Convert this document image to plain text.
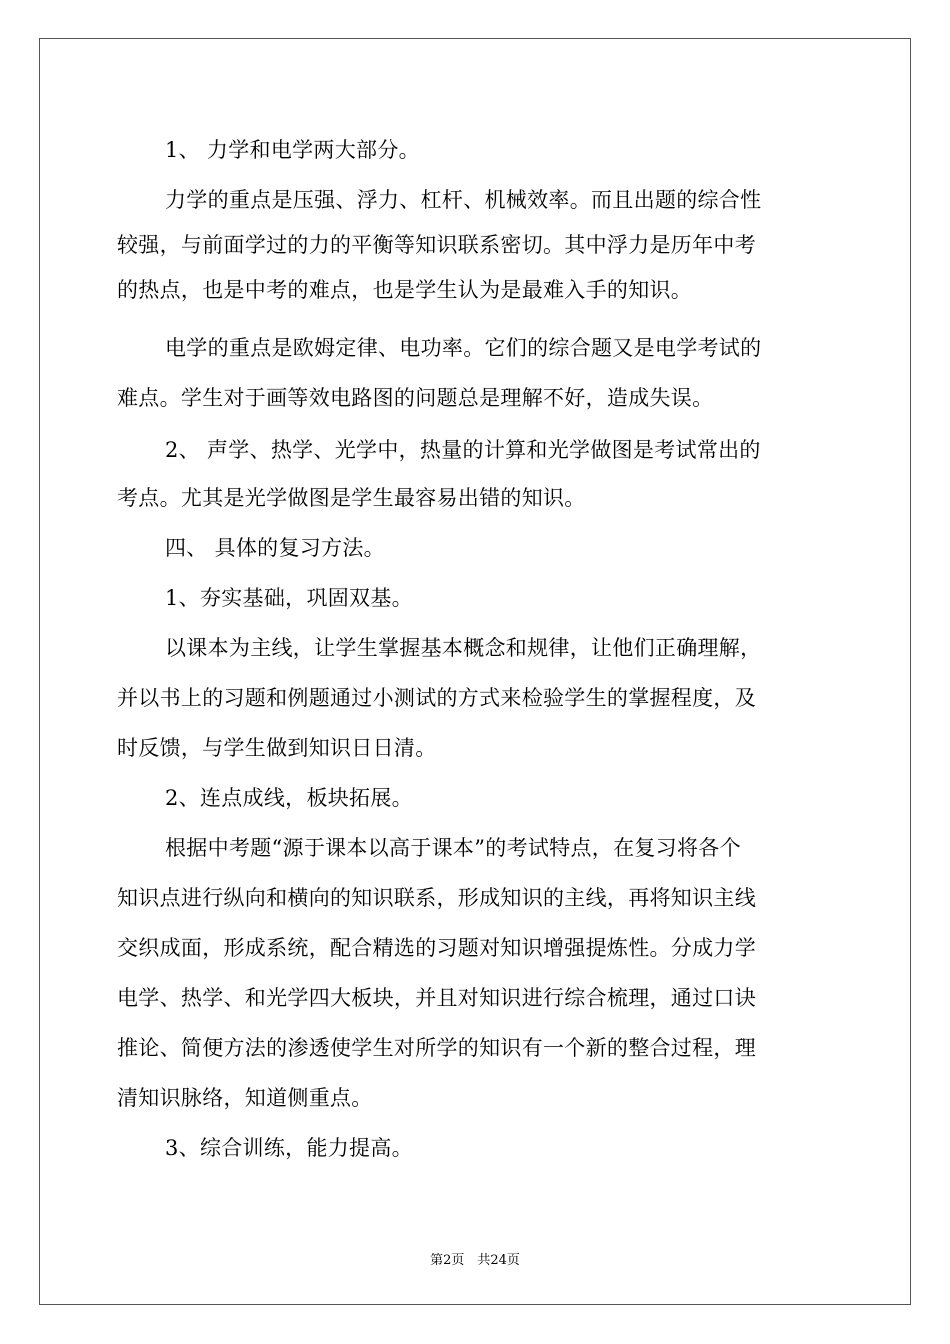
1、 力学和电学两大部分。
力学的重点是压强、浮力、杠杆、机械效率。而且出题的综合性
较强，与前面学过的力的平衡等知识联系密切。其中浮力是历年中考
的热点，也是中考的难点，也是学生认为是最难入手的知识。
电学的重点是欧姆定律、电功率。它们的综合题又是电学考试的
难点。学生对于画等效电路图的问题总是理解不好，造成失误。
2、 声学、热学、光学中，热量的计算和光学做图是考试常出的
考点。尤其是光学做图是学生最容易出错的知识。
四、 具体的复习方法。
1、夯实基础，巩固双基。
以课本为主线，让学生掌握基本概念和规律，让他们正确理解，
并以书上的习题和例题通过小测试的方式来检验学生的掌握程度，及
时反馈，与学生做到知识日日清。
2、连点成线，板块拓展。
根据中考题“源于课本以高于课本”的考试特点，在复习将各个
知识点进行纵向和横向的知识联系，形成知识的主线，再将知识主线
交织成面，形成系统，配合精选的习题对知识增强提炼性。分成力学
电学、热学、和光学四大板块，并且对知识进行综合梳理，通过口诀
推论、简便方法的渗透使学生对所学的知识有一个新的整合过程，理
清知识脉络，知道侧重点。
3、综合训练，能力提高。
第2页　共24页
